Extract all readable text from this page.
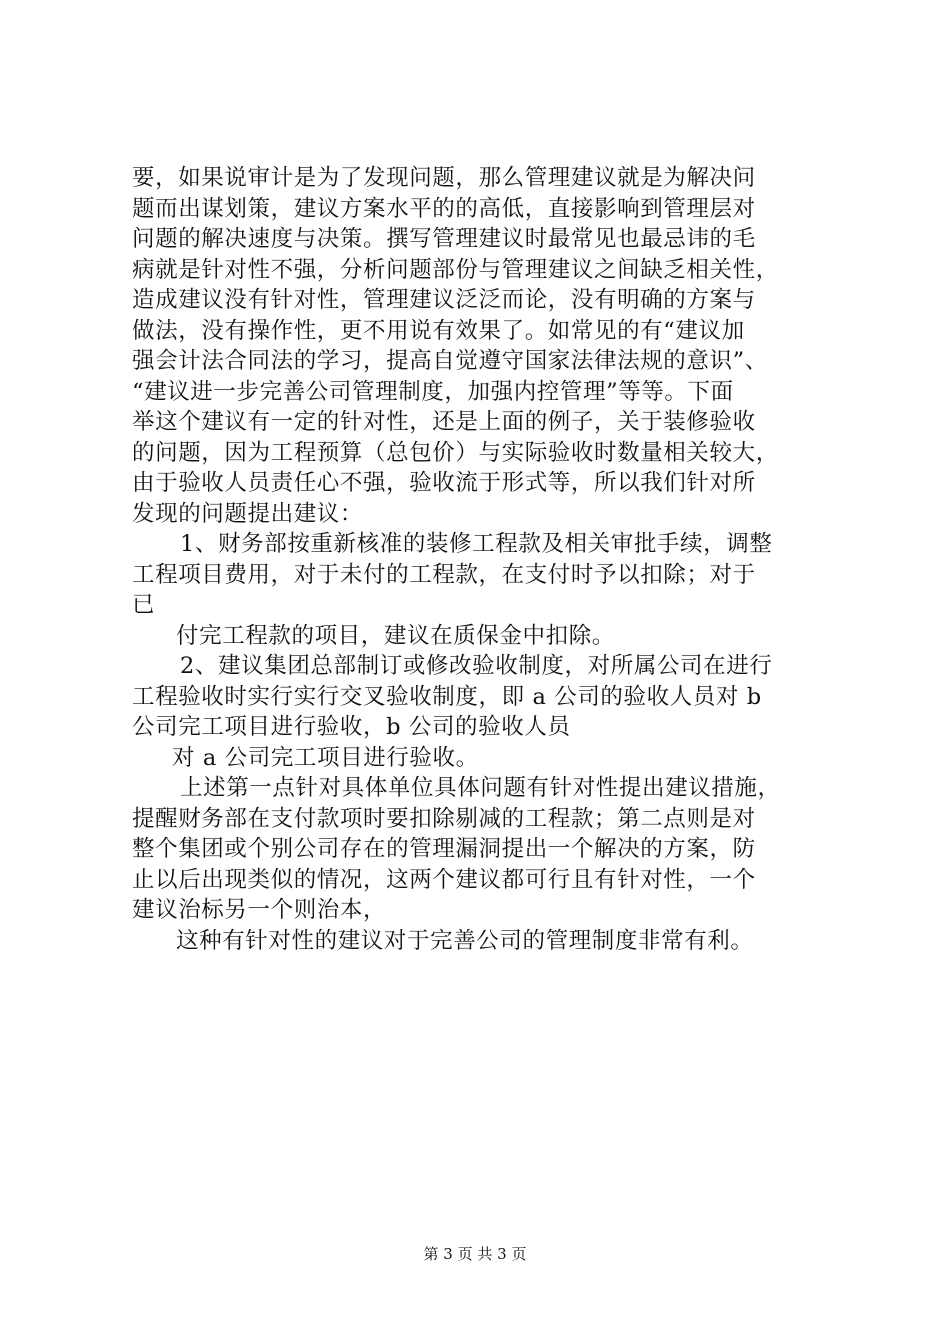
要，如果说审计是为了发现问题，那么管理建议就是为解决问
题而出谋划策，建议方案水平的的高低，直接影响到管理层对
问题的解决速度与决策。撰写管理建议时最常见也最忌讳的毛
病就是针对性不强，分析问题部份与管理建议之间缺乏相关性，
造成建议没有针对性，管理建议泛泛而论，没有明确的方案与
做法，没有操作性，更不用说有效果了。如常见的有“建议加
强会计法合同法的学习，提高自觉遵守国家法律法规的意识”、
“建议进一步完善公司管理制度，加强内控管理”等等。下面
举这个建议有一定的针对性，还是上面的例子，关于装修验收
的问题，因为工程预算（总包价）与实际验收时数量相关较大，
由于验收人员责任心不强，验收流于形式等，所以我们针对所
发现的问题提出建议：
1、财务部按重新核准的装修工程款及相关审批手续，调整
工程项目费用，对于未付的工程款，在支付时予以扣除；对于
已
付完工程款的项目，建议在质保金中扣除。
2、建议集团总部制订或修改验收制度，对所属公司在进行
工程验收时实行实行交叉验收制度，即 a 公司的验收人员对 b
公司完工项目进行验收，b 公司的验收人员
对 a 公司完工项目进行验收。
上述第一点针对具体单位具体问题有针对性提出建议措施，
提醒财务部在支付款项时要扣除剔减的工程款；第二点则是对
整个集团或个别公司存在的管理漏洞提出一个解决的方案，防
止以后出现类似的情况，这两个建议都可行且有针对性，一个
建议治标另一个则治本，
这种有针对性的建议对于完善公司的管理制度非常有利。
第 3 页 共 3 页
